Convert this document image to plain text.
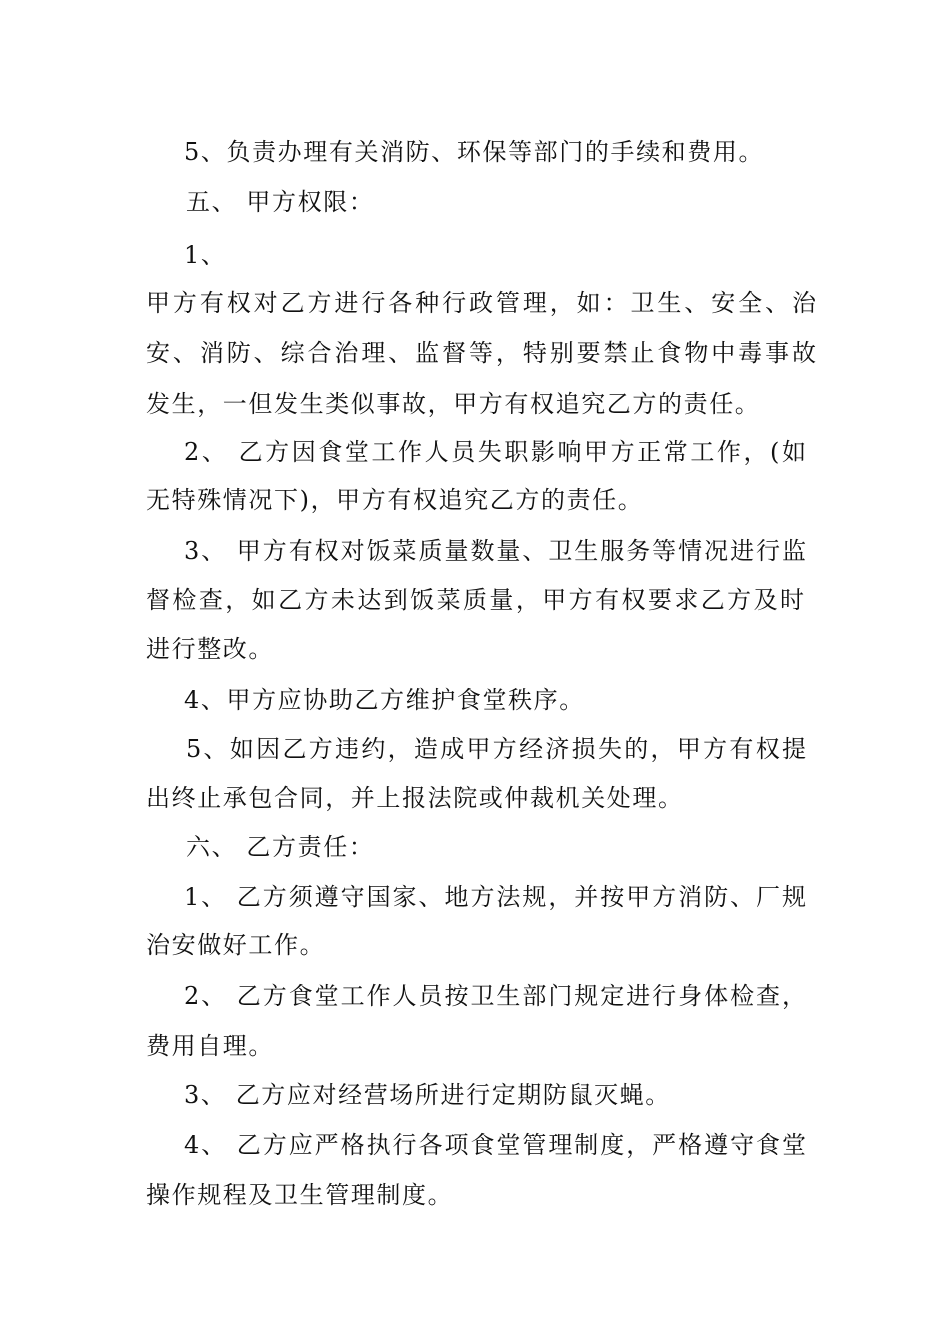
5、负责办理有关消防、环保等部门的手续和费用。
五、 甲方权限：
1、
甲方有权对乙方进行各种行政管理，如：卫生、安全、治
安、消防、综合治理、监督等，特别要禁止食物中毒事故
发生，一但发生类似事故，甲方有权追究乙方的责任。
2、 乙方因食堂工作人员失职影响甲方正常工作，(如
无特殊情况下)，甲方有权追究乙方的责任。
3、 甲方有权对饭菜质量数量、卫生服务等情况进行监
督检查，如乙方未达到饭菜质量，甲方有权要求乙方及时
进行整改。
4、甲方应协助乙方维护食堂秩序。
5、如因乙方违约，造成甲方经济损失的，甲方有权提
出终止承包合同，并上报法院或仲裁机关处理。
六、 乙方责任：
1、 乙方须遵守国家、地方法规，并按甲方消防、厂规
治安做好工作。
2、 乙方食堂工作人员按卫生部门规定进行身体检查，
费用自理。
3、 乙方应对经营场所进行定期防鼠灭蝇。
4、 乙方应严格执行各项食堂管理制度，严格遵守食堂
操作规程及卫生管理制度。
